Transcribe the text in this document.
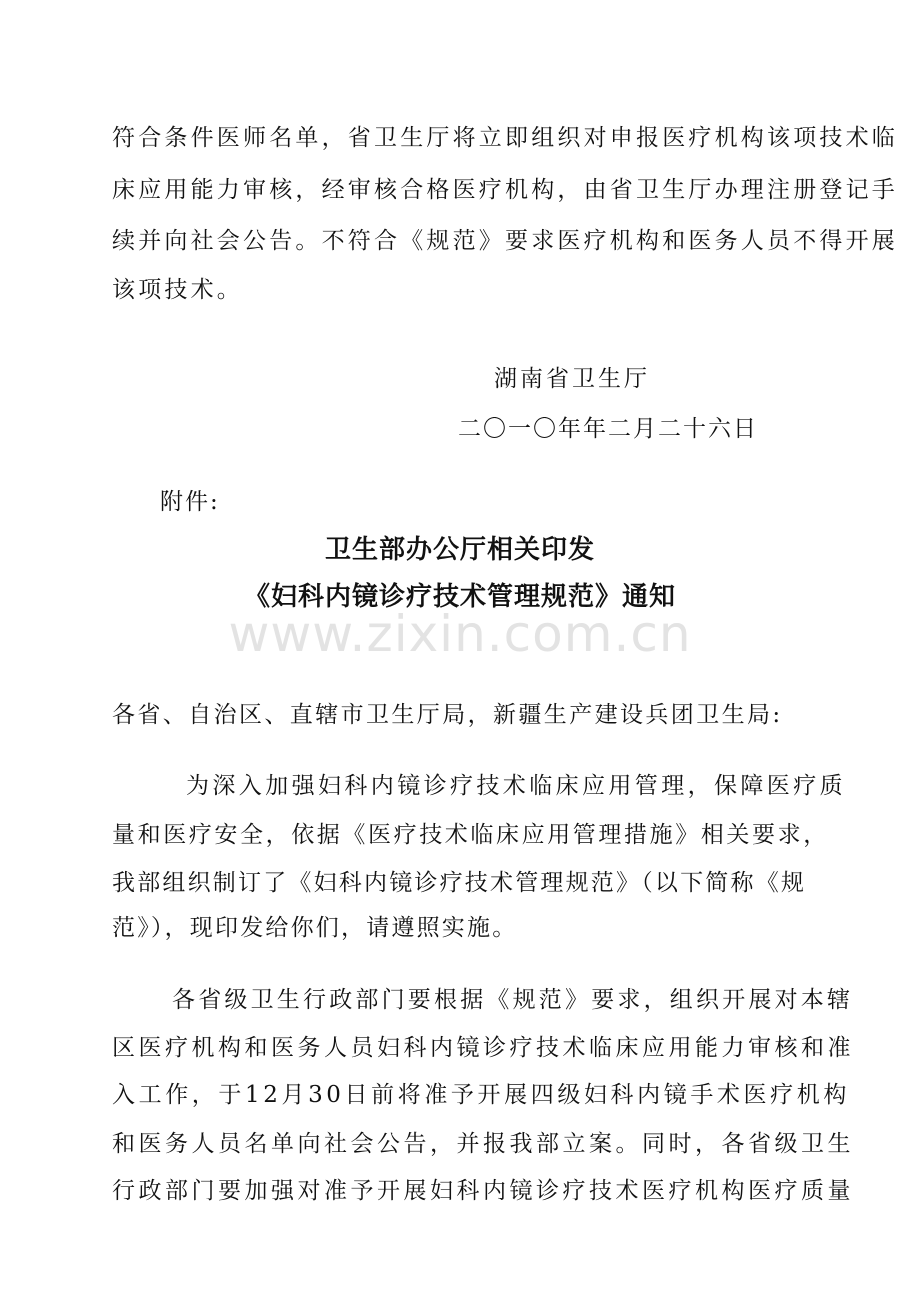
符合条件医师名单，省卫生厅将立即组织对申报医疗机构该项技术临
床应用能力审核，经审核合格医疗机构，由省卫生厅办理注册登记手
续并向社会公告。不符合《规范》要求医疗机构和医务人员不得开展
该项技术。
湖南省卫生厅
二〇一〇年年二月二十六日
附件:
卫生部办公厅相关印发
《妇科内镜诊疗技术管理规范》通知
www.zixin.com.cn
各省、自治区、直辖市卫生厅局，新疆生产建设兵团卫生局:
为深入加强妇科内镜诊疗技术临床应用管理，保障医疗质
量和医疗安全，依据《医疗技术临床应用管理措施》相关要求，
我部组织制订了《妇科内镜诊疗技术管理规范》（以下简称《规
范》），现印发给你们，请遵照实施。
各省级卫生行政部门要根据《规范》要求，组织开展对本辖
区医疗机构和医务人员妇科内镜诊疗技术临床应用能力审核和准
入工作，于12月30日前将准予开展四级妇科内镜手术医疗机构
和医务人员名单向社会公告，并报我部立案。同时，各省级卫生
行政部门要加强对准予开展妇科内镜诊疗技术医疗机构医疗质量
